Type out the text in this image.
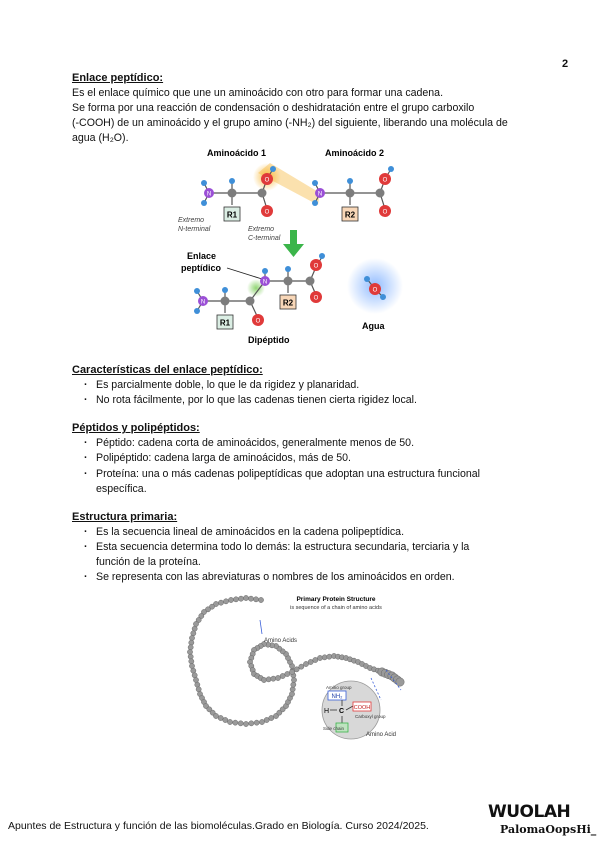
2
Enlace peptídico:
Es el enlace químico que une un aminoácido con otro para formar una cadena.
Se forma por una reacción de condensación o deshidratación entre el grupo carboxilo
(-COOH) de un aminoácido y el grupo amino (-NH₂) del siguiente, liberando una molécula de
agua (H₂O).
Aminoácido 1	Aminoácido 2
N
R1
O
O
N
R2
O
O
Extremo
N-terminal	Extremo
C-terminal
Enlace
peptídico
N
R1	O
N
R2
O
O
Dipéptido
O
Agua
Características del enlace peptídico:
· Es parcialmente doble, lo que le da rigidez y planaridad.
· No rota fácilmente, por lo que las cadenas tienen cierta rigidez local.
Péptidos y polipéptidos:
· Péptido: cadena corta de aminoácidos, generalmente menos de 50.
· Polipéptido: cadena larga de aminoácidos, más de 50.
· Proteína: una o más cadenas polipeptídicas que adoptan una estructura funcional
específica.
Estructura primaria:
· Es la secuencia lineal de aminoácidos en la cadena polipeptídica.
· Esta secuencia determina todo lo demás: la estructura secundaria, terciaria y la
función de la proteína.
· Se representa con las abreviaturas o nombres de los aminoácidos en orden.
Primary Protein Structure
is sequence of a chain of amino acids
Amino Acids
Amino group
NH₂
H C COOH
Carboxyl group
Side chain
Amino Acid
Apuntes de Estructura y función de las biomoléculas.Grado en Biología. Curso 2024/2025.
WUOLAH
PalomaOopsHi_
